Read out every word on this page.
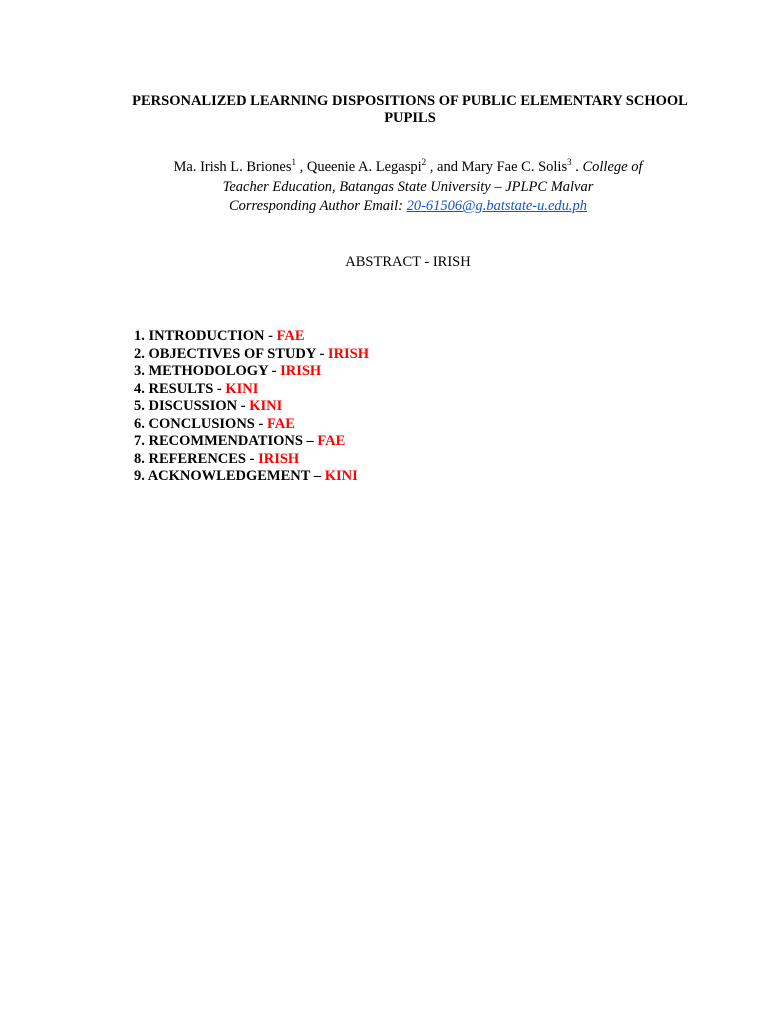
PERSONALIZED LEARNING DISPOSITIONS OF PUBLIC ELEMENTARY SCHOOL
PUPILS
Ma. Irish L. Briones$^1$ , Queenie A. Legaspi$^2$ , and Mary Fae C. Solis$^3$ . College of
Teacher Education, Batangas State University – JPLPC Malvar
Corresponding Author Email: 20-61506@g.batstate-u.edu.ph
ABSTRACT - IRISH
1. INTRODUCTION - FAE
2. OBJECTIVES OF STUDY - IRISH
3. METHODOLOGY - IRISH
4. RESULTS - KINI
5. DISCUSSION - KINI
6. CONCLUSIONS - FAE
7. RECOMMENDATIONS – FAE
8. REFERENCES - IRISH
9. ACKNOWLEDGEMENT – KINI
